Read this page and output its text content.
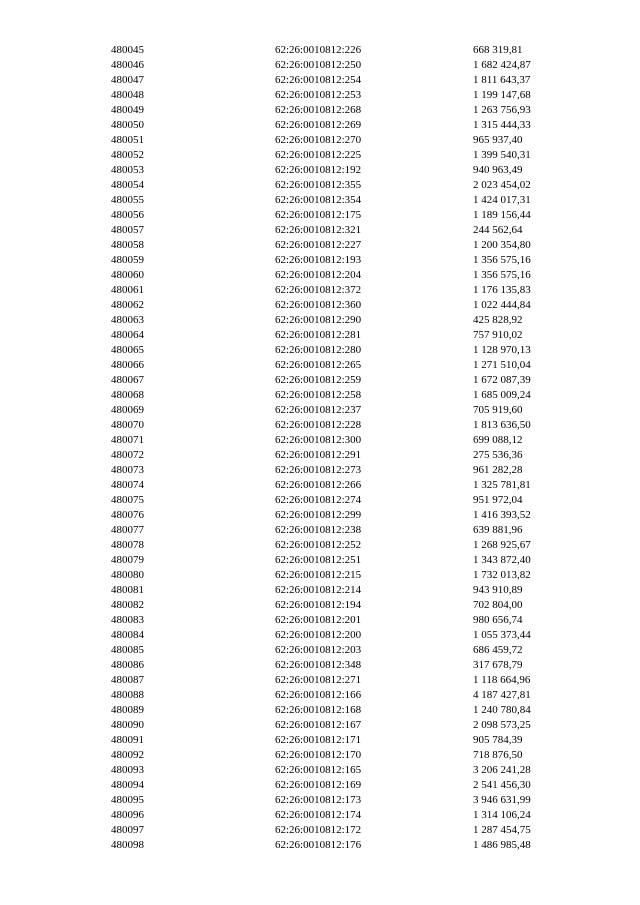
480045	62:26:0010812:226	668 319,81
480046	62:26:0010812:250	1 682 424,87
480047	62:26:0010812:254	1 811 643,37
480048	62:26:0010812:253	1 199 147,68
480049	62:26:0010812:268	1 263 756,93
480050	62:26:0010812:269	1 315 444,33
480051	62:26:0010812:270	965 937,40
480052	62:26:0010812:225	1 399 540,31
480053	62:26:0010812:192	940 963,49
480054	62:26:0010812:355	2 023 454,02
480055	62:26:0010812:354	1 424 017,31
480056	62:26:0010812:175	1 189 156,44
480057	62:26:0010812:321	244 562,64
480058	62:26:0010812:227	1 200 354,80
480059	62:26:0010812:193	1 356 575,16
480060	62:26:0010812:204	1 356 575,16
480061	62:26:0010812:372	1 176 135,83
480062	62:26:0010812:360	1 022 444,84
480063	62:26:0010812:290	425 828,92
480064	62:26:0010812:281	757 910,02
480065	62:26:0010812:280	1 128 970,13
480066	62:26:0010812:265	1 271 510,04
480067	62:26:0010812:259	1 672 087,39
480068	62:26:0010812:258	1 685 009,24
480069	62:26:0010812:237	705 919,60
480070	62:26:0010812:228	1 813 636,50
480071	62:26:0010812:300	699 088,12
480072	62:26:0010812:291	275 536,36
480073	62:26:0010812:273	961 282,28
480074	62:26:0010812:266	1 325 781,81
480075	62:26:0010812:274	951 972,04
480076	62:26:0010812:299	1 416 393,52
480077	62:26:0010812:238	639 881,96
480078	62:26:0010812:252	1 268 925,67
480079	62:26:0010812:251	1 343 872,40
480080	62:26:0010812:215	1 732 013,82
480081	62:26:0010812:214	943 910,89
480082	62:26:0010812:194	702 804,00
480083	62:26:0010812:201	980 656,74
480084	62:26:0010812:200	1 055 373,44
480085	62:26:0010812:203	686 459,72
480086	62:26:0010812:348	317 678,79
480087	62:26:0010812:271	1 118 664,96
480088	62:26:0010812:166	4 187 427,81
480089	62:26:0010812:168	1 240 780,84
480090	62:26:0010812:167	2 098 573,25
480091	62:26:0010812:171	905 784,39
480092	62:26:0010812:170	718 876,50
480093	62:26:0010812:165	3 206 241,28
480094	62:26:0010812:169	2 541 456,30
480095	62:26:0010812:173	3 946 631,99
480096	62:26:0010812:174	1 314 106,24
480097	62:26:0010812:172	1 287 454,75
480098	62:26:0010812:176	1 486 985,48
